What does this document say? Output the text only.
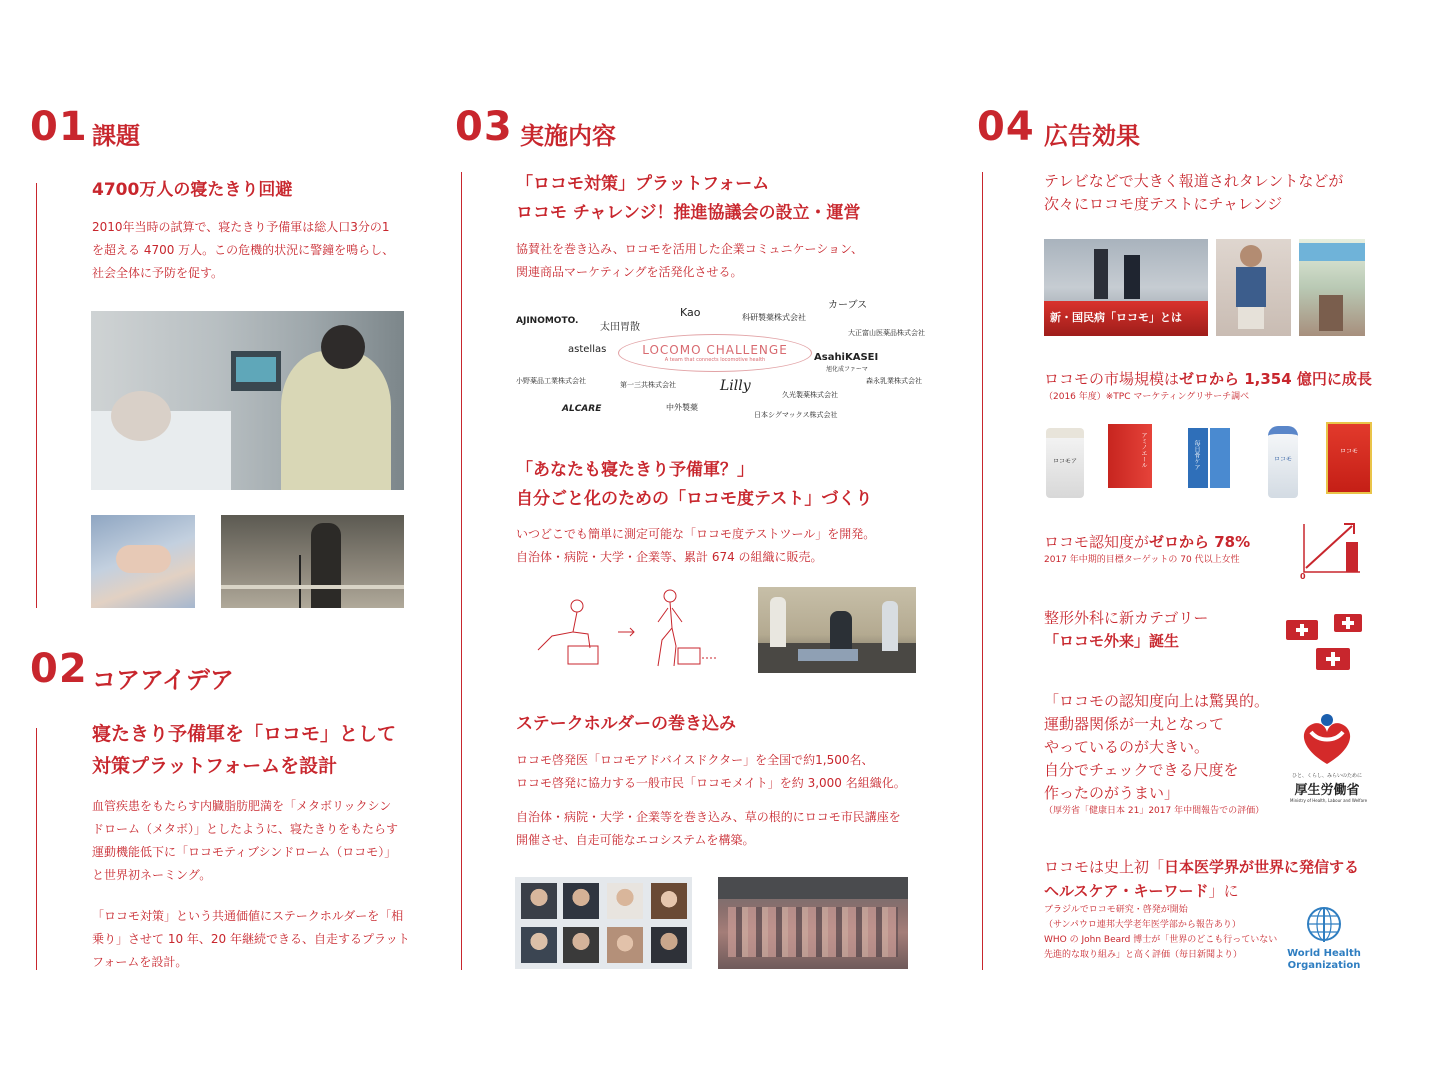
01 課題
4700万人の寝たきり回避
2010年当時の試算で、寝たきり予備軍は総人口3分の1
を超える 4700 万人。この危機的状況に警鐘を鳴らし、
社会全体に予防を促す。
02 コアアイデア
寝たきり予備軍を「ロコモ」として
対策プラットフォームを設計
血管疾患をもたらす内臓脂肪肥満を「メタボリックシン
ドローム（メタボ）」としたように、寝たきりをもたらす
運動機能低下に「ロコモティブシンドローム（ロコモ）」
と世界初ネーミング。
「ロコモ対策」という共通価値にステークホルダーを「相
乗り」させて 10 年、20 年継続できる、自走するプラット
フォームを設計。
03 実施内容
「ロコモ対策」プラットフォーム
ロコモ チャレンジ！推進協議会の設立・運営
協賛社を巻き込み、ロコモを活用した企業コミュニケーション、
関連商品マーケティングを活発化させる。
LOCOMO CHALLENGE
A team that connects locomotive health
AJINOMOTO.
太田胃散
Kao	科研製薬株式会社
カーブス
大正富山医薬品株式会社
astellas
AsahiKASEI
旭化成ファーマ
小野薬品工業株式会社	第一三共株式会社	Lilly	森永乳業株式会社
ALCARE	中外製薬
久光製薬株式会社
日本シグマックス株式会社
「あなたも寝たきり予備軍？」
自分ごと化のための「ロコモ度テスト」づくり
いつどこでも簡単に測定可能な「ロコモ度テストツール」を開発。
自治体・病院・大学・企業等、累計 674 の組織に販売。
ステークホルダーの巻き込み
ロコモ啓発医「ロコモアドバイスドクター」を全国で約1,500名、
ロコモ啓発に協力する一般市民「ロコモメイト」を約 3,000 名組織化。
自治体・病院・大学・企業等を巻き込み、草の根的にロコモ市民講座を
開催させ、自走可能なエコシステムを構築。
04 広告効果
テレビなどで大きく報道されタレントなどが
次々にロコモ度テストにチャレンジ
新・国民病「ロコモ」とは
ロコモの市場規模はゼロから 1,354 億円に成長
（2016 年度）※TPC マーケティングリサーチ調べ
ロコモア	アミノエール	毎日骨ケア	ロコモ
ロコモ
ロコモ認知度がゼロから 78%
2017 年中期的目標ターゲットの 70 代以上女性
0
整形外科に新カテゴリー
「ロコモ外来」誕生
「ロコモの認知度向上は驚異的。
運動器関係が一丸となって
やっているのが大きい。
自分でチェックできる尺度を
作ったのがうまい」
（厚労省「健康日本 21」2017 年中間報告での評価）
ひと、くらし、みらいのために
厚生労働省
Ministry of Health, Labour and Welfare
ロコモは史上初「日本医学界が世界に発信する
ヘルスケア・キーワード」に
ブラジルでロコモ研究・啓発が開始
（サンパウロ連邦大学老年医学部から報告あり）
WHO の John Beard 博士が「世界のどこも行っていない
先進的な取り組み」と高く評価（毎日新聞より）	World Health
Organization
